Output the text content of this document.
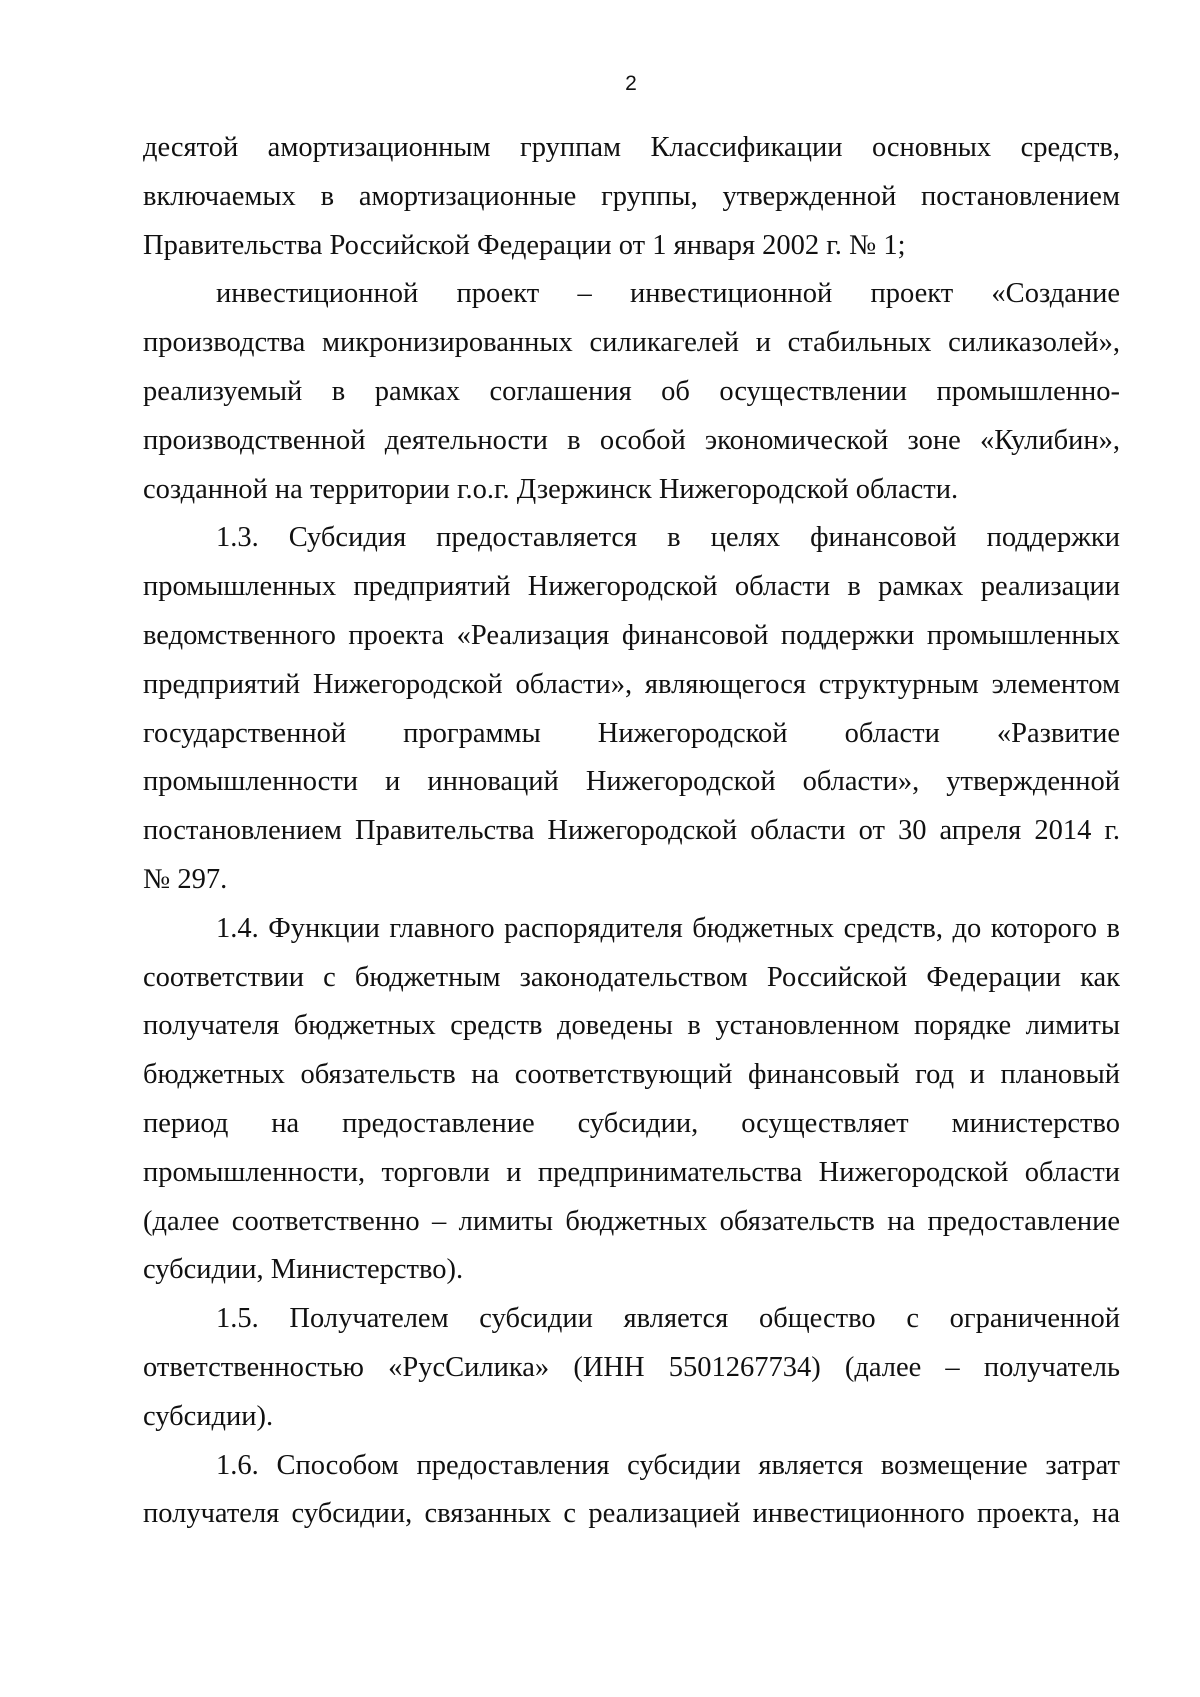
2
десятой амортизационным группам Классификации основных средств,
включаемых в амортизационные группы, утвержденной постановлением
Правительства Российской Федерации от 1 января 2002 г. № 1;
инвестиционной проект – инвестиционной проект «Создание
производства микронизированных силикагелей и стабильных силиказолей»,
реализуемый в рамках соглашения об осуществлении промышленно-
производственной деятельности в особой экономической зоне «Кулибин»,
созданной на территории г.о.г. Дзержинск Нижегородской области.
1.3. Субсидия предоставляется в целях финансовой поддержки
промышленных предприятий Нижегородской области в рамках реализации
ведомственного проекта «Реализация финансовой поддержки промышленных
предприятий Нижегородской области», являющегося структурным элементом
государственной программы Нижегородской области «Развитие
промышленности и инноваций Нижегородской области», утвержденной
постановлением Правительства Нижегородской области от 30 апреля 2014 г.
№ 297.
1.4. Функции главного распорядителя бюджетных средств, до которого в
соответствии с бюджетным законодательством Российской Федерации как
получателя бюджетных средств доведены в установленном порядке лимиты
бюджетных обязательств на соответствующий финансовый год и плановый
период на предоставление субсидии, осуществляет министерство
промышленности, торговли и предпринимательства Нижегородской области
(далее соответственно – лимиты бюджетных обязательств на предоставление
субсидии, Министерство).
1.5. Получателем субсидии является общество с ограниченной
ответственностью «РусСилика» (ИНН 5501267734) (далее – получатель
субсидии).
1.6. Способом предоставления субсидии является возмещение затрат
получателя субсидии, связанных с реализацией инвестиционного проекта, на
